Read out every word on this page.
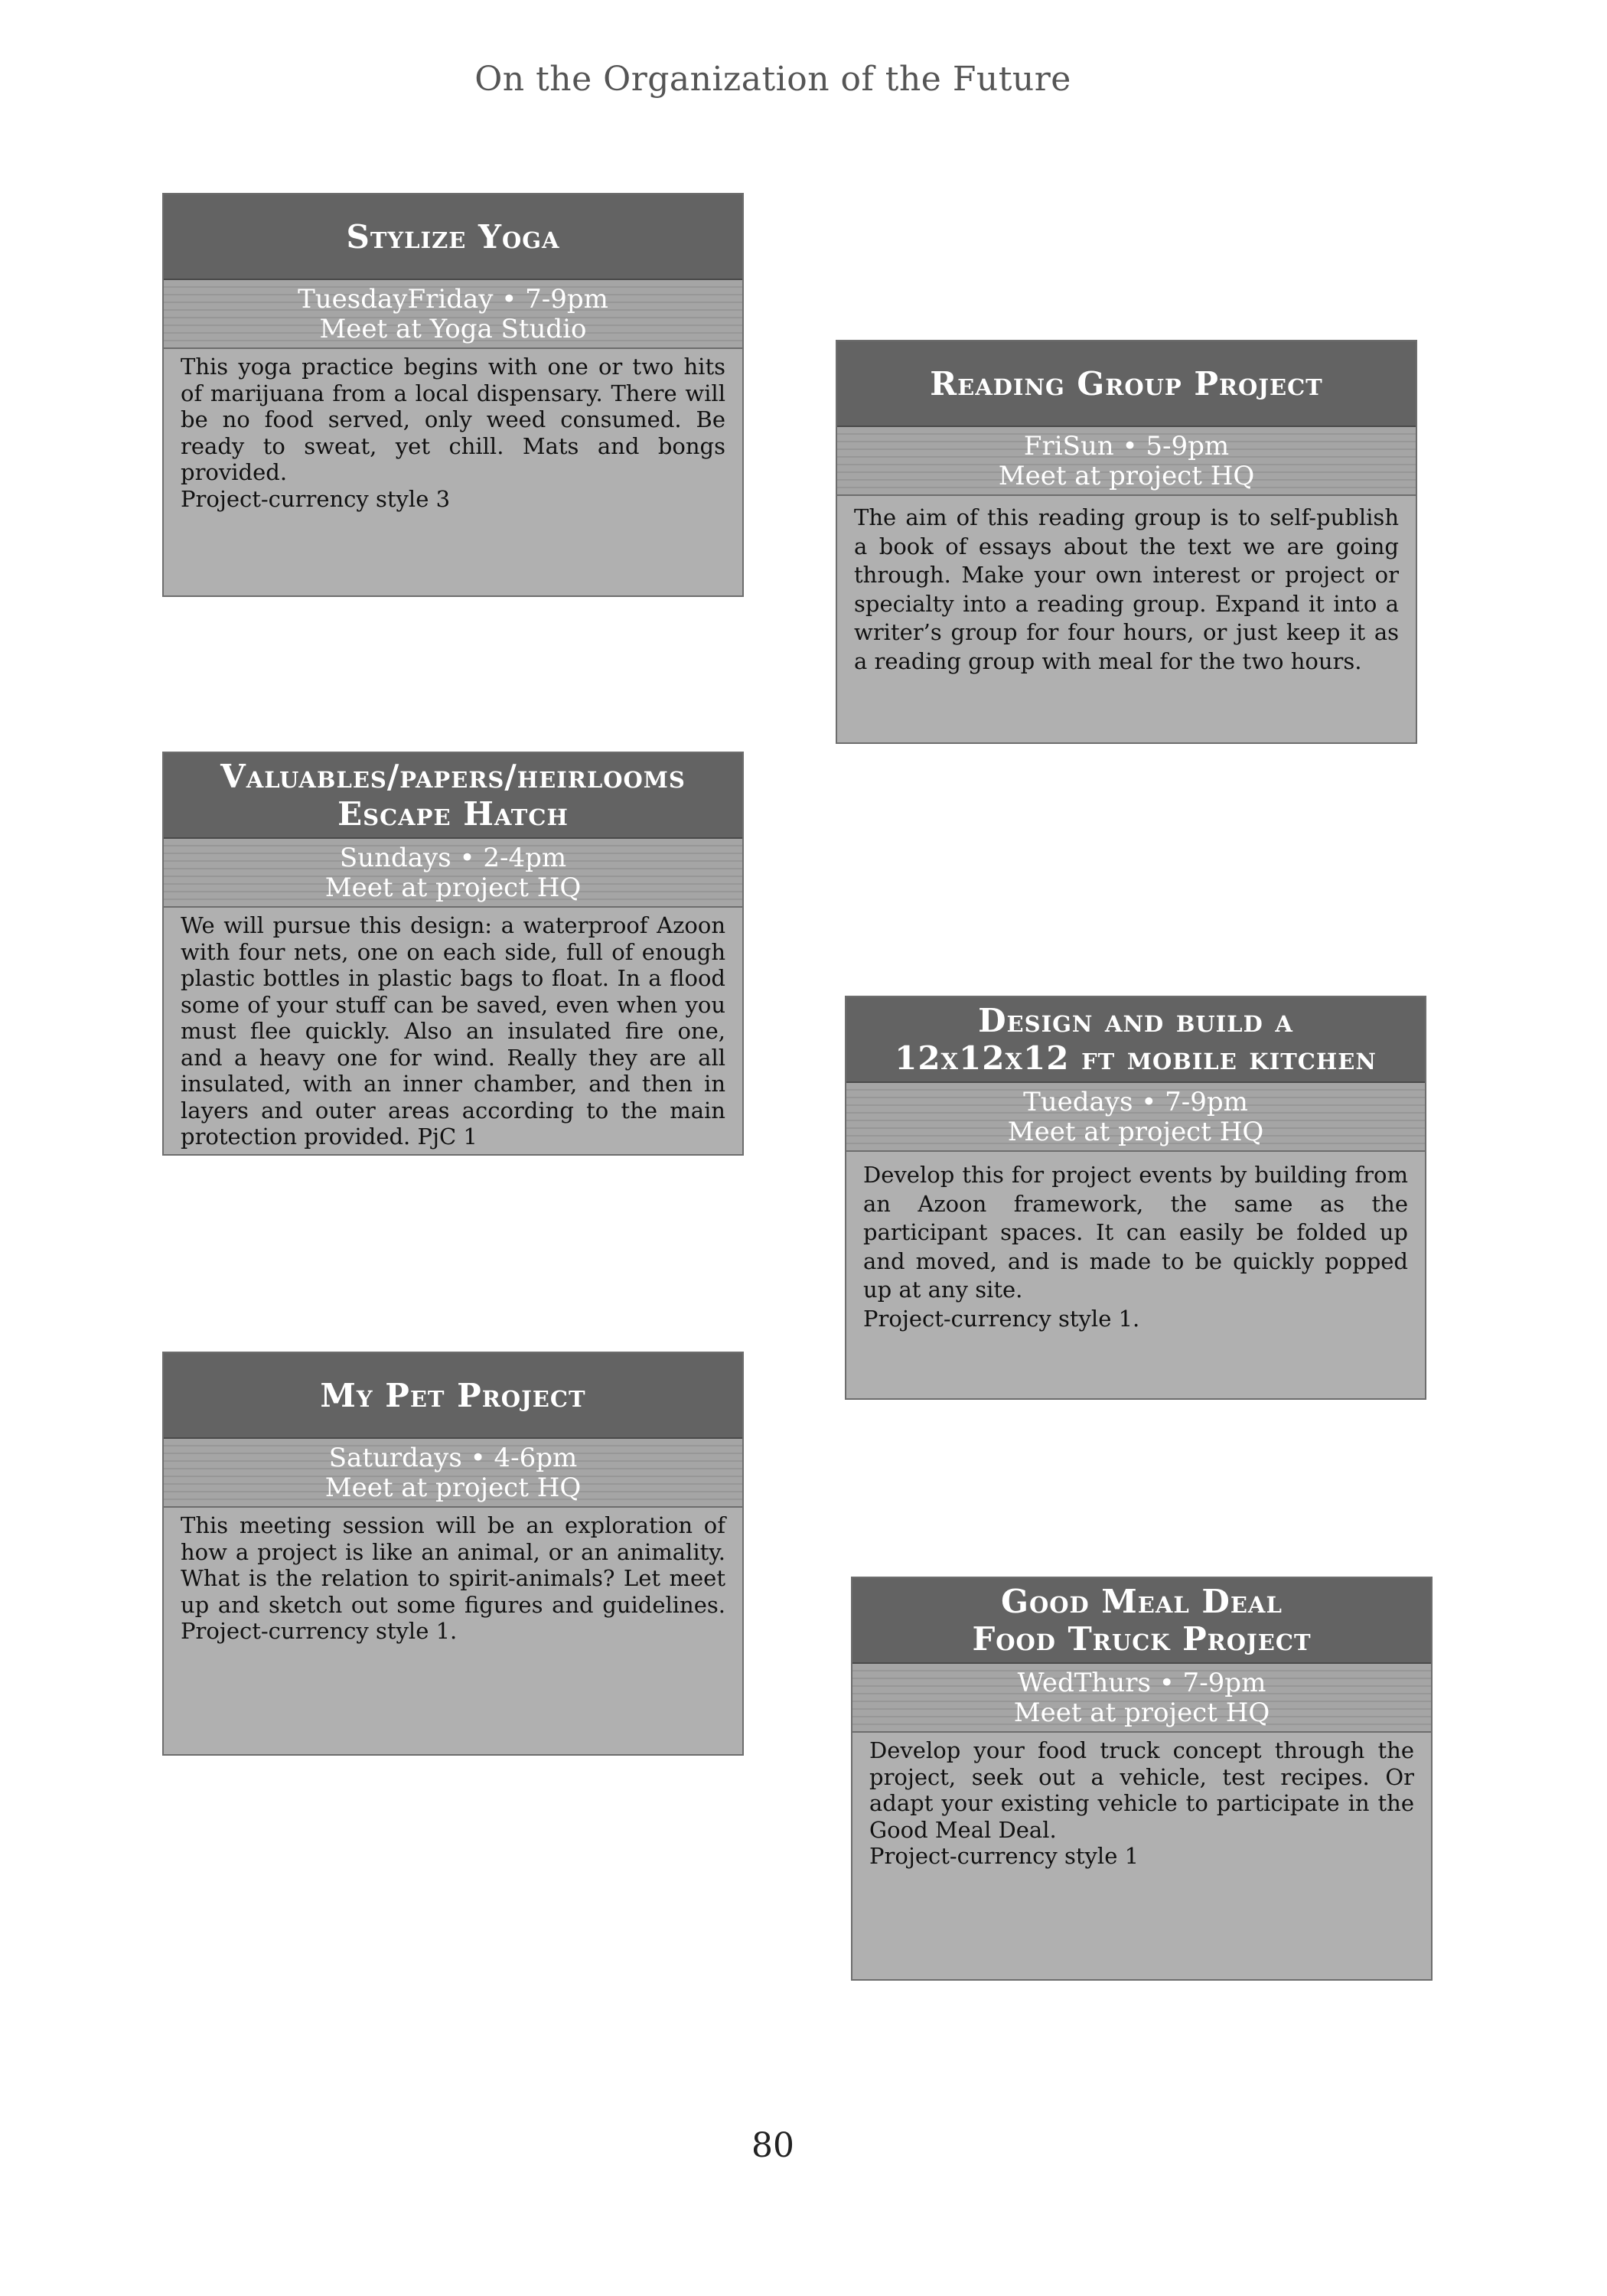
On the Organization of the Future
Stylize Yoga
TuesdayFriday • 7-9pm
Meet at Yoga Studio

This yoga practice begins with one or two hits of marijuana from a local dispensary. There will be no food served, only weed consumed. Be ready to sweat, yet chill. Mats and bongs provided.

Project-currency style 3

Reading Group Project
FriSun • 5-9pm
Meet at project HQ

The aim of this reading group is to self-publish a book of essays about the text we are going through. Make your own interest or project or specialty into a reading group. Expand it into a writer’s group for four hours, or just keep it as a reading group with meal for the two hours.

Valuables/papers/heirlooms
Escape Hatch
Sundays • 2-4pm
Meet at project HQ

We will pursue this design: a waterproof Azoon with four nets, one on each side, full of enough plastic bottles in plastic bags to float. In a flood some of your stuff can be saved, even when you must flee quickly. Also an insulated fire one, and a heavy one for wind. Really they are all insulated, with an inner chamber, and then in layers and outer areas according to the main protection provided. PjC 1

Design and build a
12x12x12 ft mobile kitchen
Tuedays • 7-9pm
Meet at project HQ

Develop this for project events by building from an Azoon framework, the same as the participant spaces. It can easily be folded up and moved, and is made to be quickly popped up at any site.

Project-currency style 1.

My Pet Project
Saturdays • 4-6pm
Meet at project HQ

This meeting session will be an exploration of how a project is like an animal, or an animality. What is the relation to spirit-animals? Let meet up and sketch out some figures and guidelines. Project-currency style 1.

Good Meal Deal
Food Truck Project
WedThurs • 7-9pm
Meet at project HQ

Develop your food truck concept through the project, seek out a vehicle, test recipes. Or adapt your existing vehicle to participate in the Good Meal Deal.

Project-currency style 1

80
